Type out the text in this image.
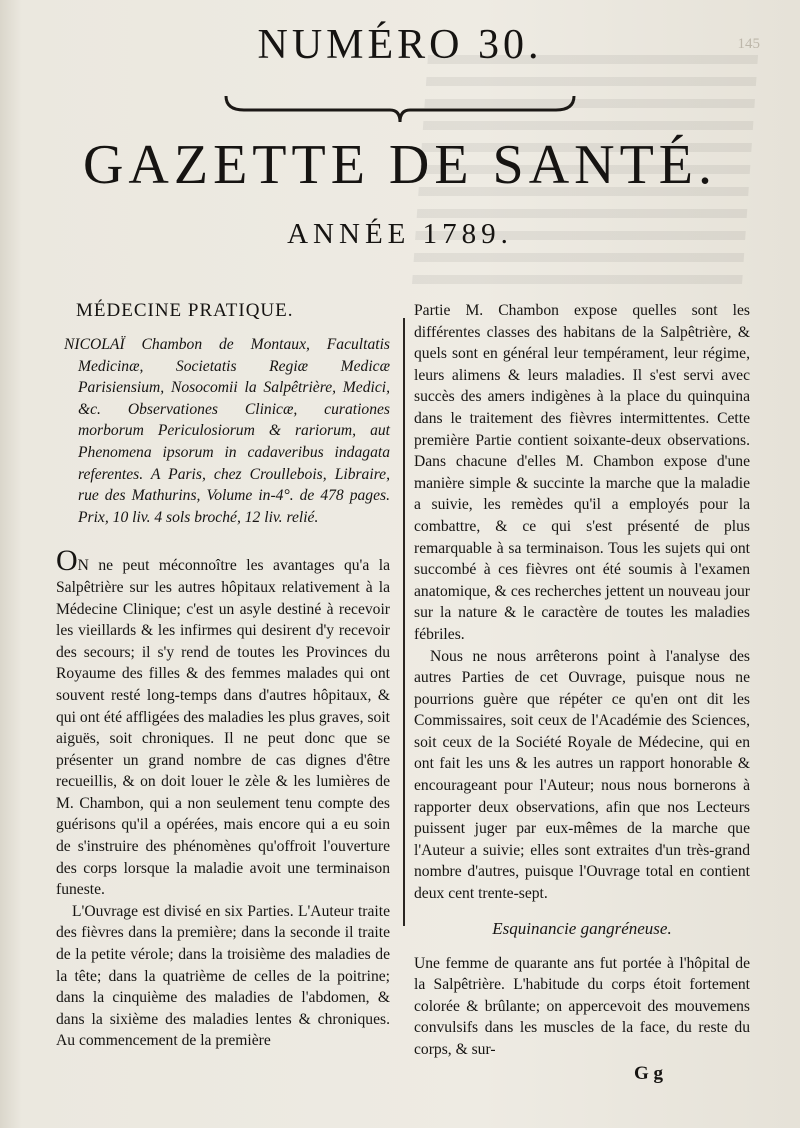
145
NUMÉRO 30.
GAZETTE DE SANTÉ.
ANNÉE 1789.
MÉDECINE PRATIQUE.

NICOLAÏ Chambon de Montaux, Facultatis Medicinæ, Societatis Regiæ Medicæ Parisiensium, Nosocomii la Salpêtrière, Medici, &c. Observationes Clinicæ, curationes morborum Periculosiorum & rariorum, aut Phenomena ipsorum in cadaveribus indagata referentes. A Paris, chez Croullebois, Libraire, rue des Mathurins, Volume in-4°. de 478 pages. Prix, 10 liv. 4 sols broché, 12 liv. relié.

ON ne peut méconnoître les avantages qu'a la Salpêtrière sur les autres hôpitaux relativement à la Médecine Clinique; c'est un asyle destiné à recevoir les vieillards & les infirmes qui desirent d'y recevoir des secours; il s'y rend de toutes les Provinces du Royaume des filles & des femmes malades qui ont souvent resté long-temps dans d'autres hôpitaux, & qui ont été affligées des maladies les plus graves, soit aiguës, soit chroniques. Il ne peut donc que se présenter un grand nombre de cas dignes d'être recueillis, & on doit louer le zèle & les lumières de M. Chambon, qui a non seulement tenu compte des guérisons qu'il a opérées, mais encore qui a eu soin de s'instruire des phénomènes qu'offroit l'ouverture des corps lorsque la maladie avoit une terminaison funeste.

L'Ouvrage est divisé en six Parties. L'Auteur traite des fièvres dans la première; dans la seconde il traite de la petite vérole; dans la troisième des maladies de la tête; dans la quatrième de celles de la poitrine; dans la cinquième des maladies de l'abdomen, & dans la sixième des maladies lentes & chroniques. Au commencement de la première

Partie M. Chambon expose quelles sont les différentes classes des habitans de la Salpêtrière, & quels sont en général leur tempérament, leur régime, leurs alimens & leurs maladies. Il s'est servi avec succès des amers indigènes à la place du quinquina dans le traitement des fièvres intermittentes. Cette première Partie contient soixante-deux observations. Dans chacune d'elles M. Chambon expose d'une manière simple & succinte la marche que la maladie a suivie, les remèdes qu'il a employés pour la combattre, & ce qui s'est présenté de plus remarquable à sa terminaison. Tous les sujets qui ont succombé à ces fièvres ont été soumis à l'examen anatomique, & ces recherches jettent un nouveau jour sur la nature & le caractère de toutes les maladies fébriles.

Nous ne nous arrêterons point à l'analyse des autres Parties de cet Ouvrage, puisque nous ne pourrions guère que répéter ce qu'en ont dit les Commissaires, soit ceux de l'Académie des Sciences, soit ceux de la Société Royale de Médecine, qui en ont fait les uns & les autres un rapport honorable & encourageant pour l'Auteur; nous nous bornerons à rapporter deux observations, afin que nos Lecteurs puissent juger par eux-mêmes de la marche que l'Auteur a suivie; elles sont extraites d'un très-grand nombre d'autres, puisque l'Ouvrage total en contient deux cent trente-sept.

Esquinancie gangréneuse.

Une femme de quarante ans fut portée à l'hôpital de la Salpêtrière. L'habitude du corps étoit fortement colorée & brûlante; on appercevoit des mouvemens convulsifs dans les muscles de la face, du reste du corps, & sur-

G g
